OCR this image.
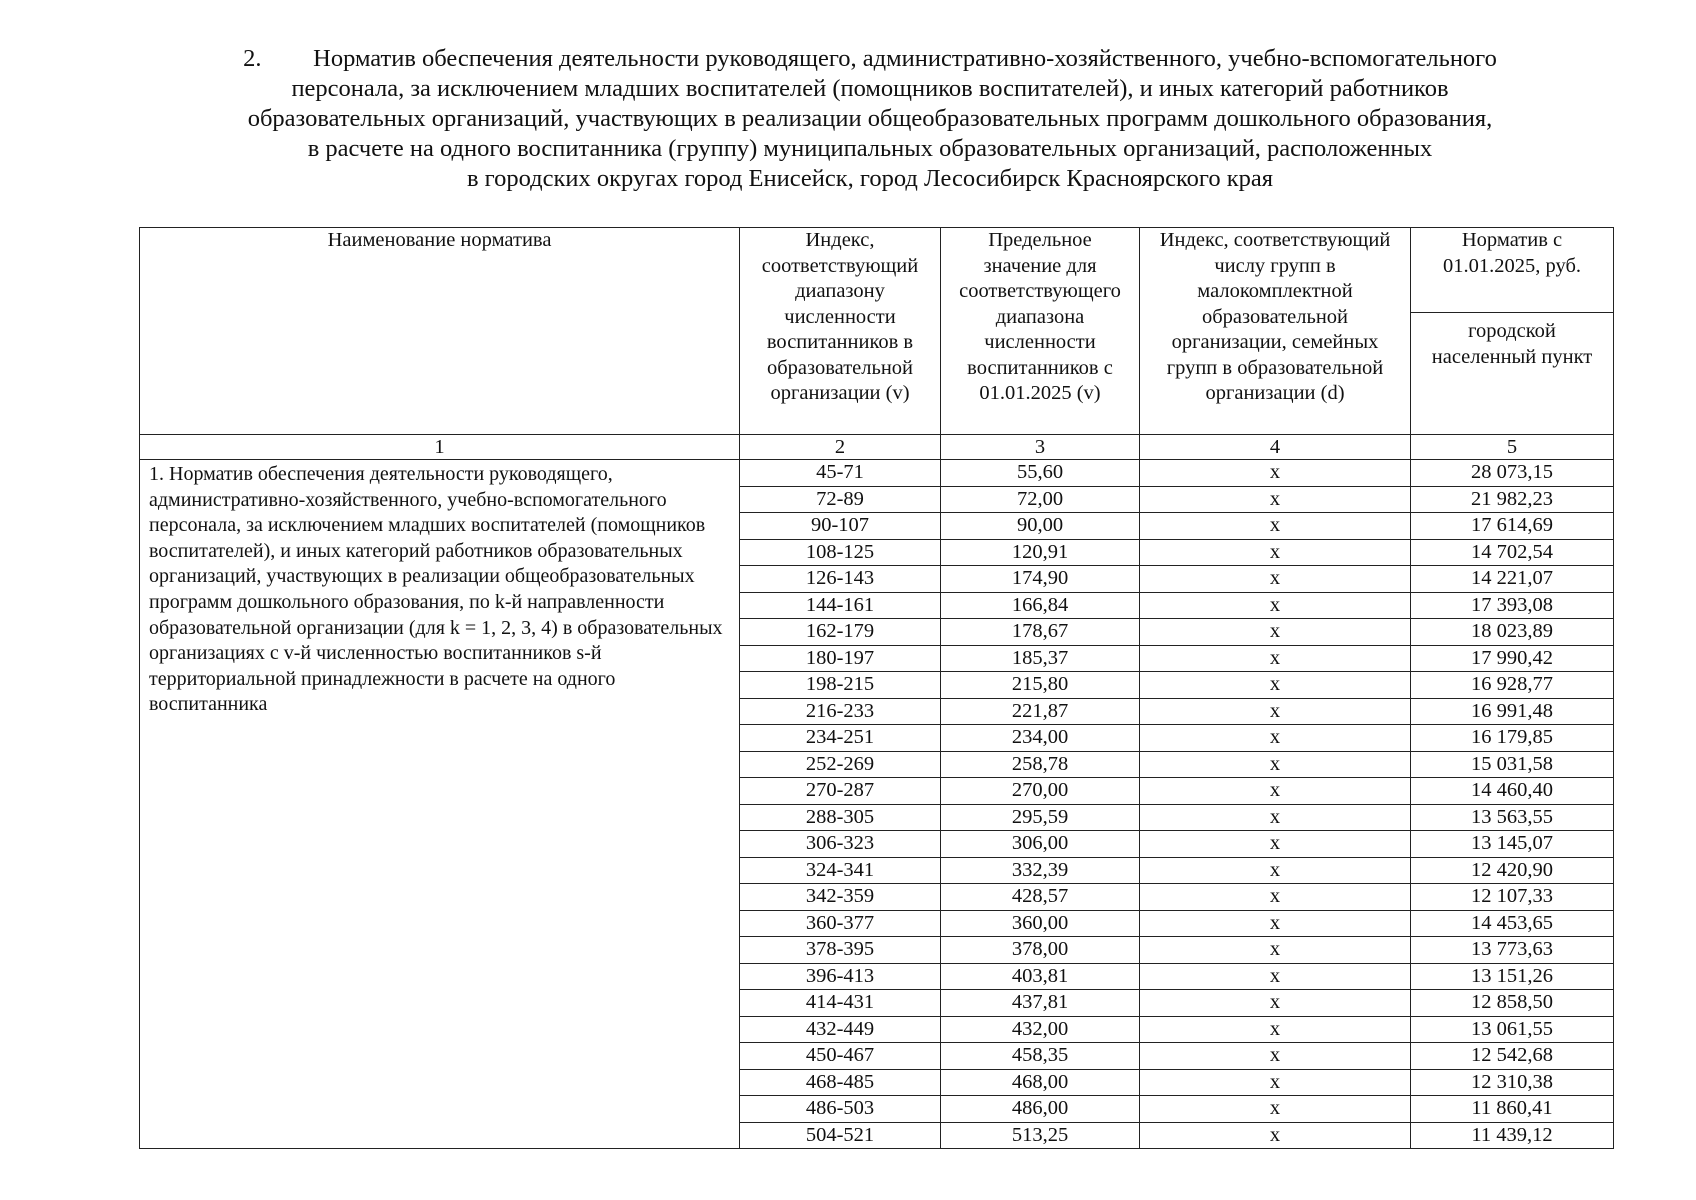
2. Норматив обеспечения деятельности руководящего, административно-хозяйственного, учебно-вспомогательного
персонала, за исключением младших воспитателей (помощников воспитателей), и иных категорий работников
образовательных организаций, участвующих в реализации общеобразовательных программ дошкольного образования,
в расчете на одного воспитанника (группу) муниципальных образовательных организаций, расположенных
в городских округах город Енисейск, город Лесосибирск Красноярского края
Наименование норматива	Индекс, соответствующий диапазону численности воспитанников в образовательной организации (v)	Предельное значение для соответствующего диапазона численности воспитанников с 01.01.2025 (v)	Индекс, соответствующий числу групп в малокомплектной образовательной организации, семейных групп в образовательной организации (d)	Норматив с 01.01.2025, руб.
				городской населенный пункт
1	2	3	4	5
1. Норматив обеспечения деятельности руководящего, административно-хозяйственного, учебно-вспомогательного персонала, за исключением младших воспитателей (помощников воспитателей), и иных категорий работников образовательных организаций, участвующих в реализации общеобразовательных программ дошкольного образования, по k-й направленности образовательной организации (для k = 1, 2, 3, 4) в образовательных организациях с v-й численностью воспитанников s-й территориальной принадлежности в расчете на одного воспитанника	45-71	55,60	х	28 073,15
	72-89	72,00	х	21 982,23
	90-107	90,00	х	17 614,69
	108-125	120,91	х	14 702,54
	126-143	174,90	х	14 221,07
	144-161	166,84	х	17 393,08
	162-179	178,67	х	18 023,89
	180-197	185,37	х	17 990,42
	198-215	215,80	х	16 928,77
	216-233	221,87	х	16 991,48
	234-251	234,00	х	16 179,85
	252-269	258,78	х	15 031,58
	270-287	270,00	х	14 460,40
	288-305	295,59	х	13 563,55
	306-323	306,00	х	13 145,07
	324-341	332,39	х	12 420,90
	342-359	428,57	х	12 107,33
	360-377	360,00	х	14 453,65
	378-395	378,00	х	13 773,63
	396-413	403,81	х	13 151,26
	414-431	437,81	х	12 858,50
	432-449	432,00	х	13 061,55
	450-467	458,35	х	12 542,68
	468-485	468,00	х	12 310,38
	486-503	486,00	х	11 860,41
	504-521	513,25	х	11 439,12
